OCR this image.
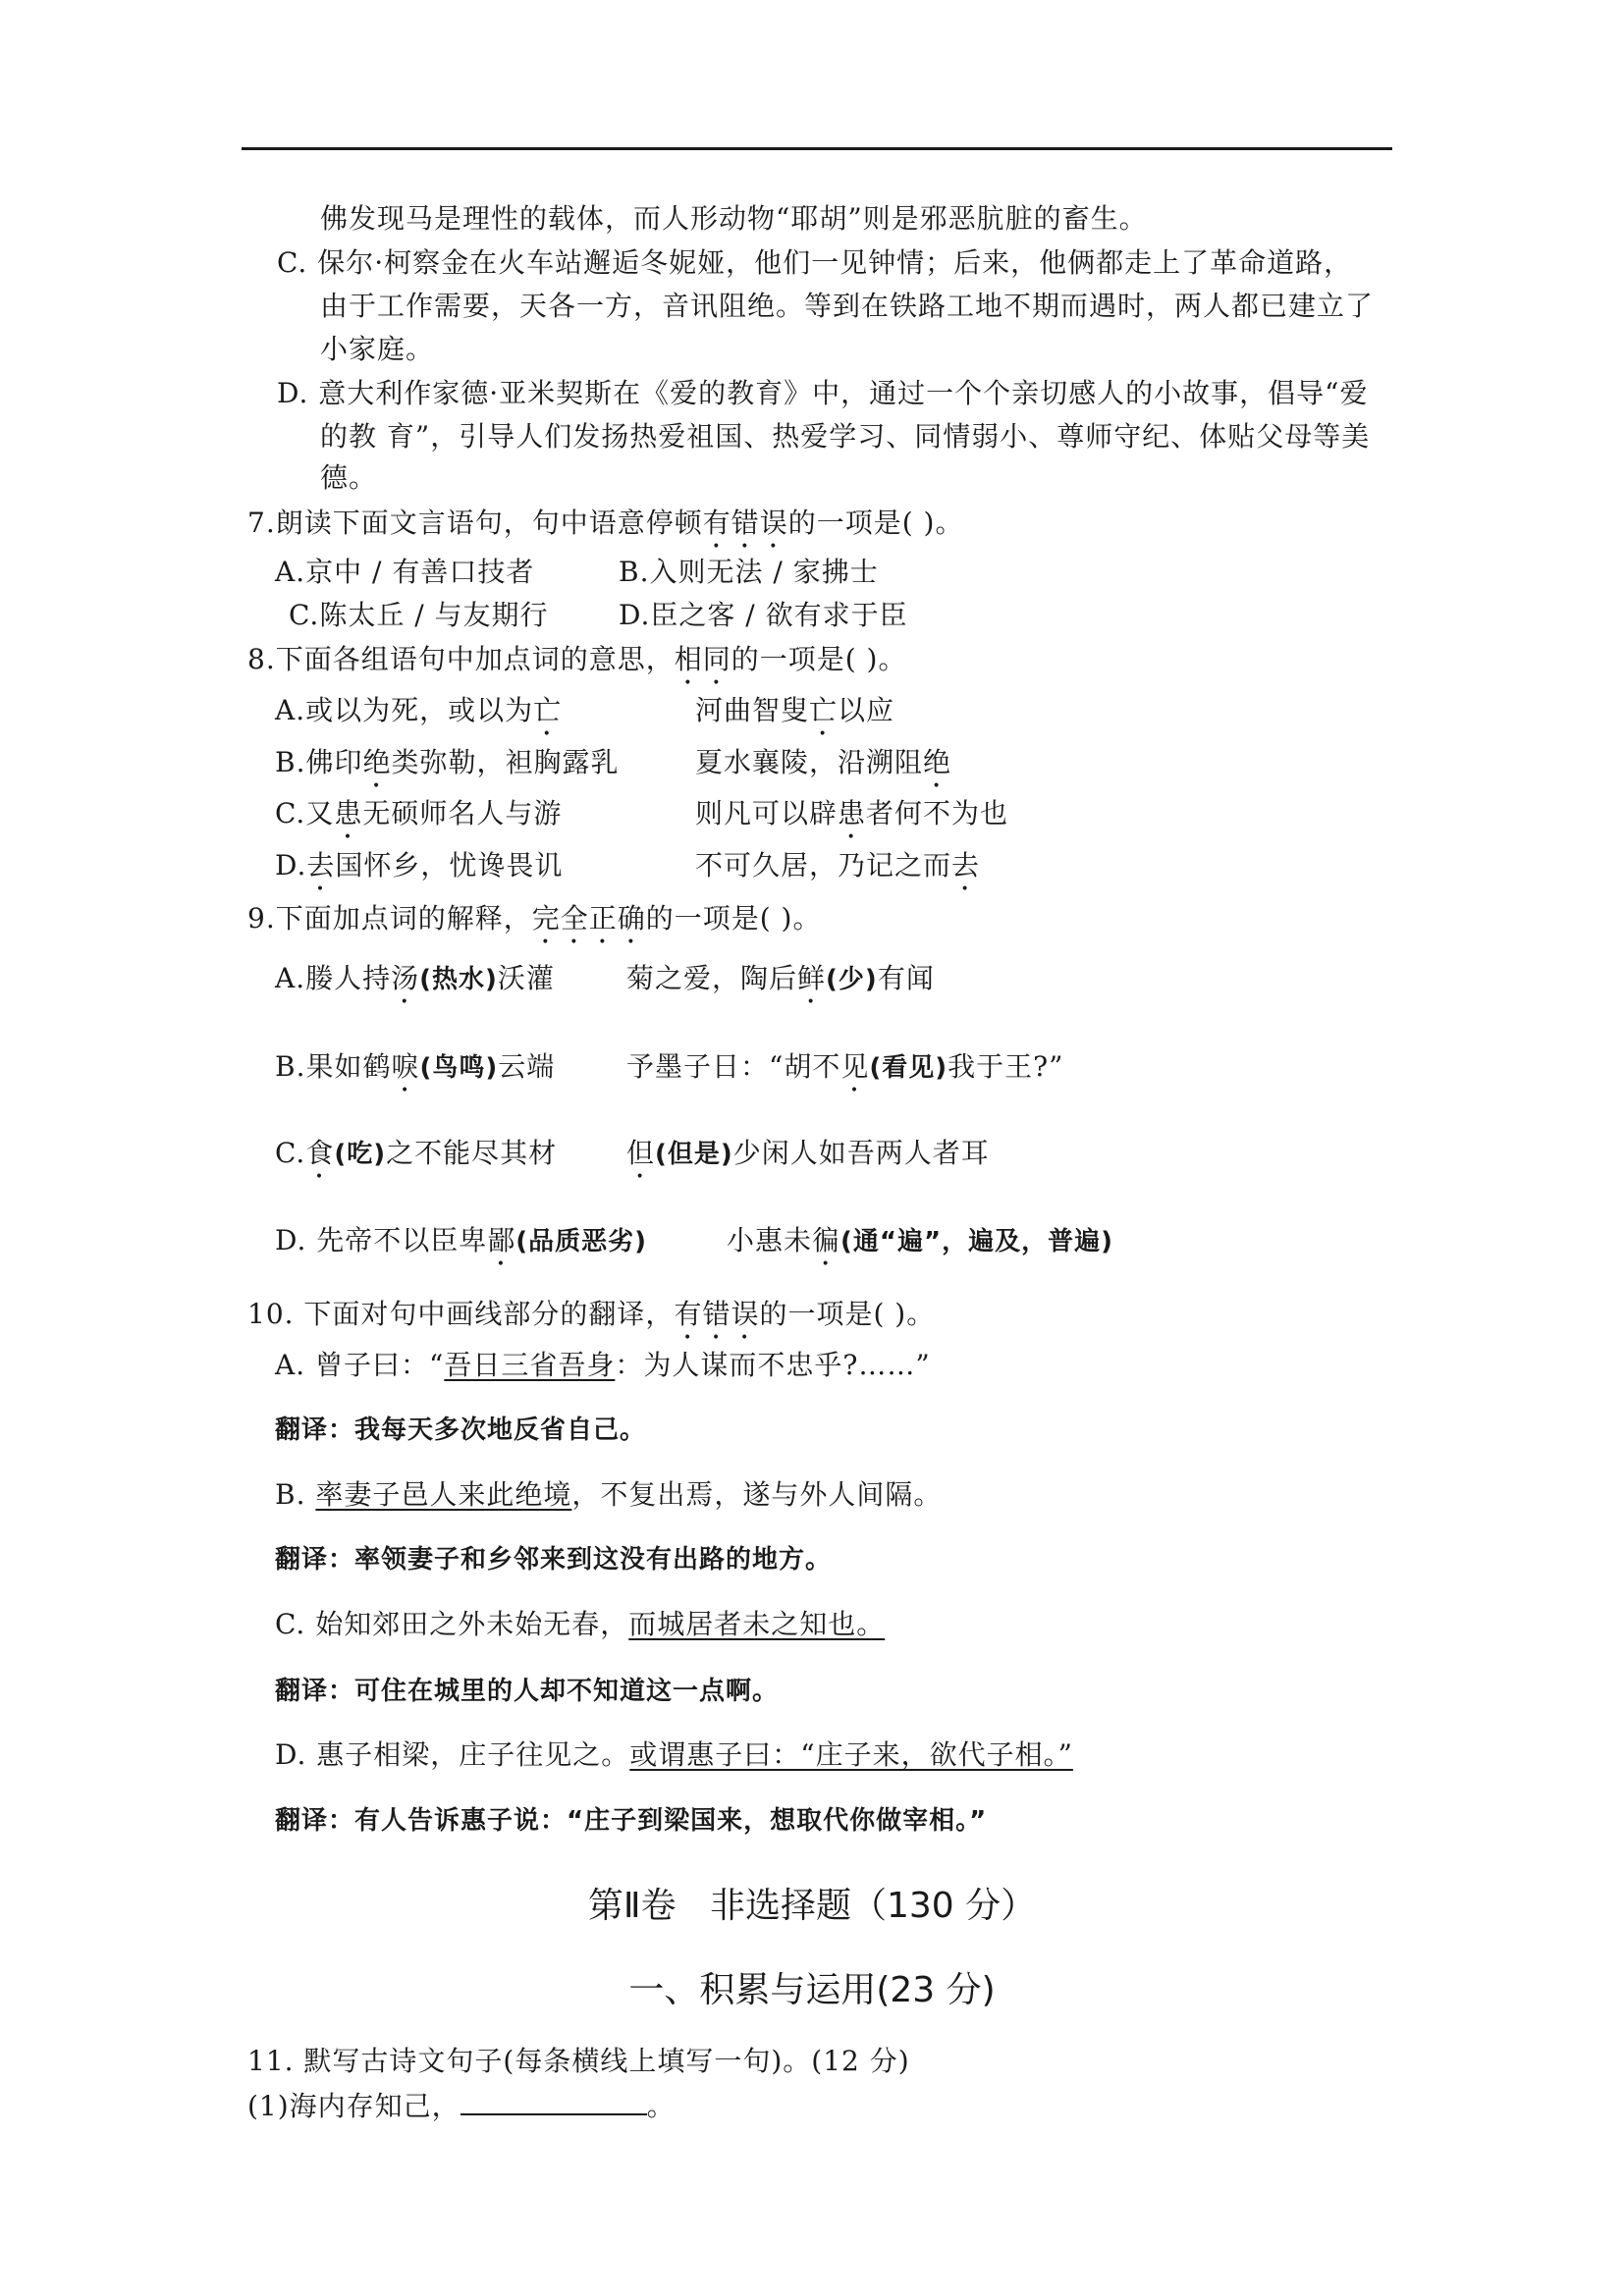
佛发现马是理性的载体，而人形动物“耶胡”则是邪恶肮脏的畜生。
C. 保尔·柯察金在火车站邂逅冬妮娅，他们一见钟情；后来，他俩都走上了革命道路，
由于工作需要，天各一方，音讯阻绝。等到在铁路工地不期而遇时，两人都已建立了
小家庭。
D. 意大利作家德·亚米契斯在《爱的教育》中，通过一个个亲切感人的小故事，倡导“爱
的教 育”，引导人们发扬热爱祖国、热爱学习、同情弱小、尊师守纪、体贴父母等美
德。
7.朗读下面文言语句，句中语意停顿有错误的一项是( )。
A.京中 / 有善口技者	B.入则无法 / 家拂士
C.陈太丘 / 与友期行	D.臣之客 / 欲有求于臣
8.下面各组语句中加点词的意思，相同的一项是( )。
A.或以为死，或以为亡	河曲智叟亡以应
B.佛印绝类弥勒，袒胸露乳	夏水襄陵，沿溯阻绝
C.又患无硕师名人与游	则凡可以辟患者何不为也
D.去国怀乡，忧谗畏讥	不可久居，乃记之而去
9.下面加点词的解释，完全正确的一项是( )。
A.媵人持汤(热水)沃灌	菊之爱，陶后鲜(少)有闻
B.果如鹤唳(鸟鸣)云端	予墨子日：“胡不见(看见)我于王?”
C.食(吃)之不能尽其材	但(但是)少闲人如吾两人者耳
D. 先帝不以臣卑鄙(品质恶劣)	小惠未徧(通“遍”，遍及，普遍)
10. 下面对句中画线部分的翻译，有错误的一项是( )。
A. 曾子曰：“吾日三省吾身：为人谋而不忠乎?……”
翻译：我每天多次地反省自己。
B. 率妻子邑人来此绝境，不复出焉，遂与外人间隔。
翻译：率领妻子和乡邻来到这没有出路的地方。
C. 始知郊田之外未始无春，而城居者未之知也。
翻译：可住在城里的人却不知道这一点啊。
D. 惠子相梁，庄子往见之。或谓惠子曰：“庄子来，欲代子相。”
翻译：有人告诉惠子说：“庄子到梁国来，想取代你做宰相。”
第Ⅱ卷   非选择题（130 分）
一、积累与运用(23 分)
11. 默写古诗文句子(每条横线上填写一句)。(12 分)
(1)海内存知己，	。
